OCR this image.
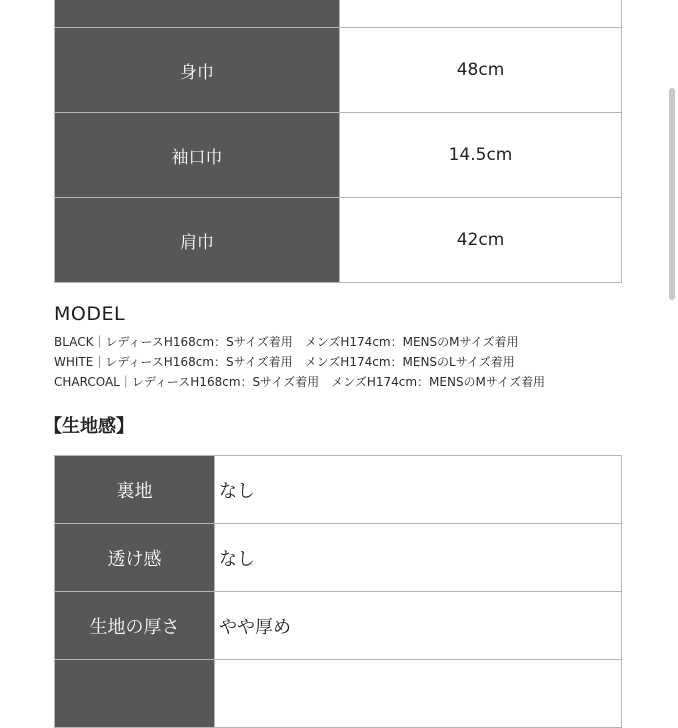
身巾	48cm
袖口巾	14.5cm
肩巾	42cm
MODEL
BLACK｜レディースH168cm：Sサイズ着用　メンズH174cm：MENSのMサイズ着用
WHITE｜レディースH168cm：Sサイズ着用　メンズH174cm：MENSのLサイズ着用
CHARCOAL｜レディースH168cm：Sサイズ着用　メンズH174cm：MENSのMサイズ着用
【生地感】
裏地	なし
透け感	なし
生地の厚さ	やや厚め
